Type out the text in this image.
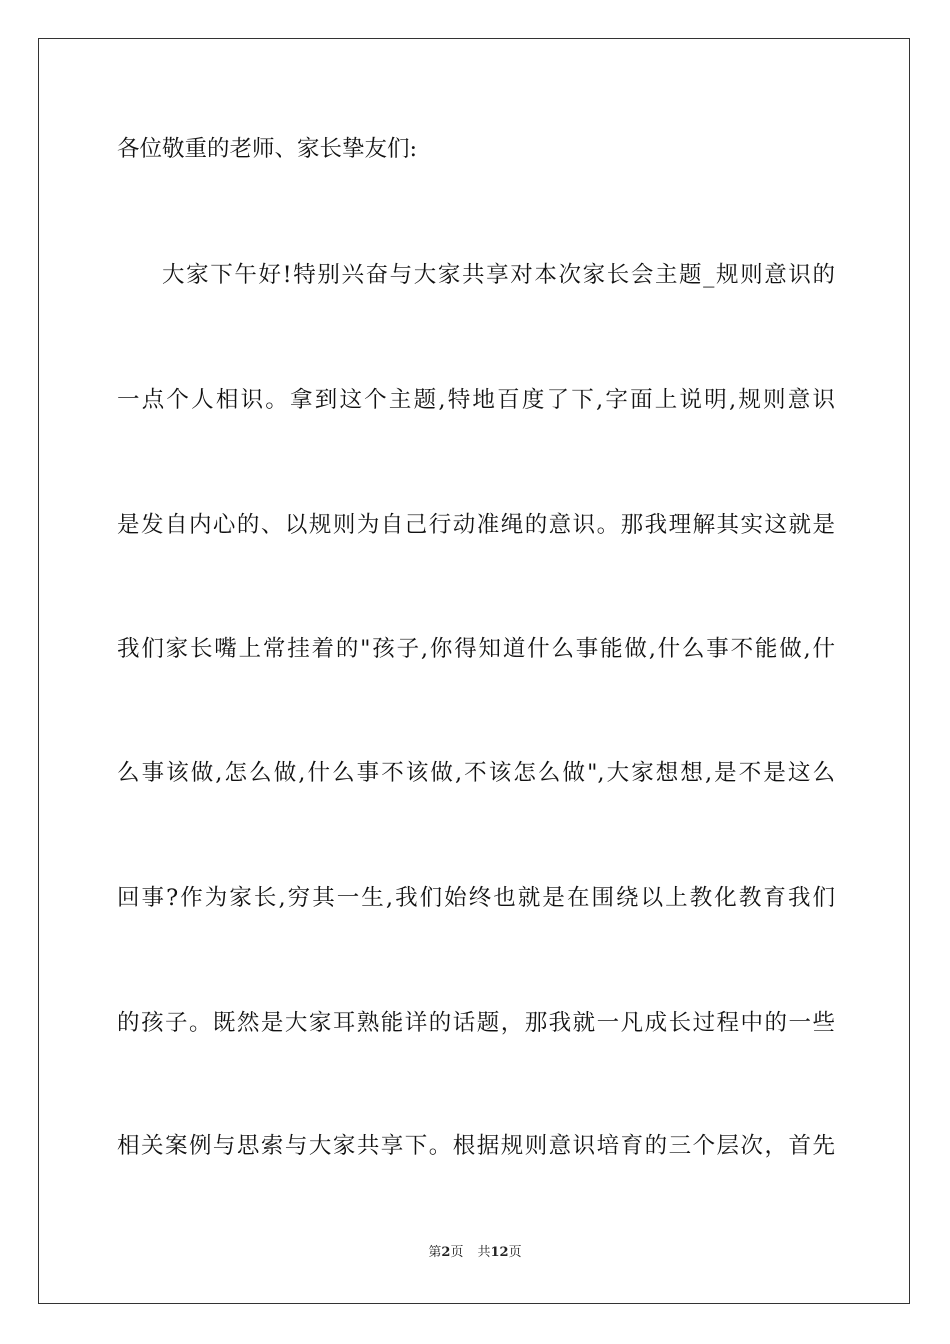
各位敬重的老师、家长挚友们:
大家下午好!特别兴奋与大家共享对本次家长会主题_规则意识的
一点个人相识。拿到这个主题,特地百度了下,字面上说明,规则意识
是发自内心的、以规则为自己行动准绳的意识。那我理解其实这就是
我们家长嘴上常挂着的"孩子,你得知道什么事能做,什么事不能做,什
么事该做,怎么做,什么事不该做,不该怎么做",大家想想,是不是这么
回事?作为家长,穷其一生,我们始终也就是在围绕以上教化教育我们
的孩子。既然是大家耳熟能详的话题，那我就一凡成长过程中的一些
相关案例与思索与大家共享下。根据规则意识培育的三个层次，首先
第2页 共12页
